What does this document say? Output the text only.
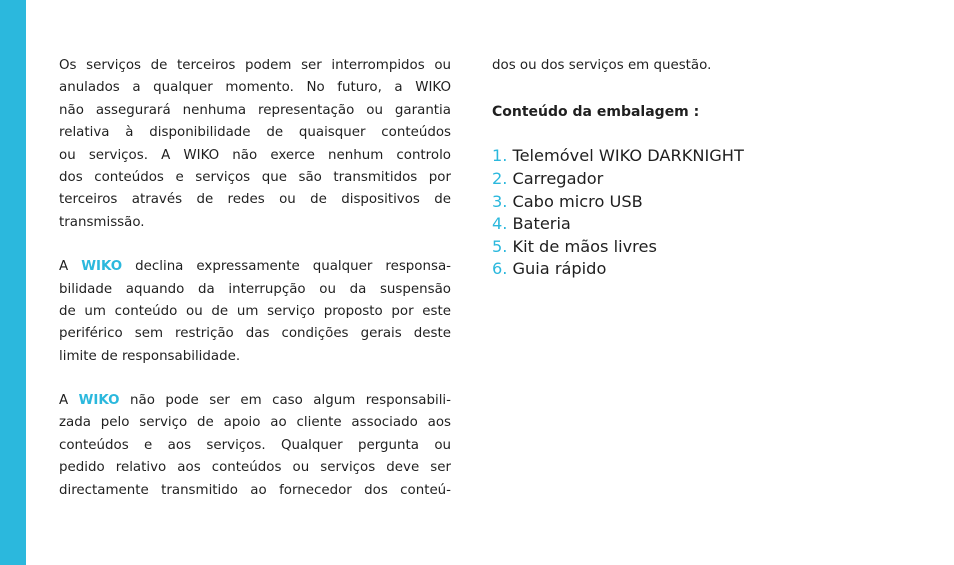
Os serviços de terceiros podem ser interrompidos ou
anulados a qualquer momento. No futuro, a WIKO
não assegurará nenhuma representação ou garantia
relativa à disponibilidade de quaisquer conteúdos
ou serviços. A WIKO não exerce nenhum controlo
dos conteúdos e serviços que são transmitidos por
terceiros através de redes ou de dispositivos de
transmissão.

A WIKO declina expressamente qualquer responsa-
bilidade aquando da interrupção ou da suspensão
de um conteúdo ou de um serviço proposto por este
periférico sem restrição das condições gerais deste
limite de responsabilidade.

A WIKO não pode ser em caso algum responsabili-
zada pelo serviço de apoio ao cliente associado aos
conteúdos e aos serviços. Qualquer pergunta ou
pedido relativo aos conteúdos ou serviços deve ser
directamente transmitido ao fornecedor dos conteú-

dos ou dos serviços em questão.

Conteúdo da embalagem :
1. Telemóvel WIKO DARKNIGHT
2. Carregador
3. Cabo micro USB
4. Bateria
5. Kit de mãos livres
6. Guia rápido
